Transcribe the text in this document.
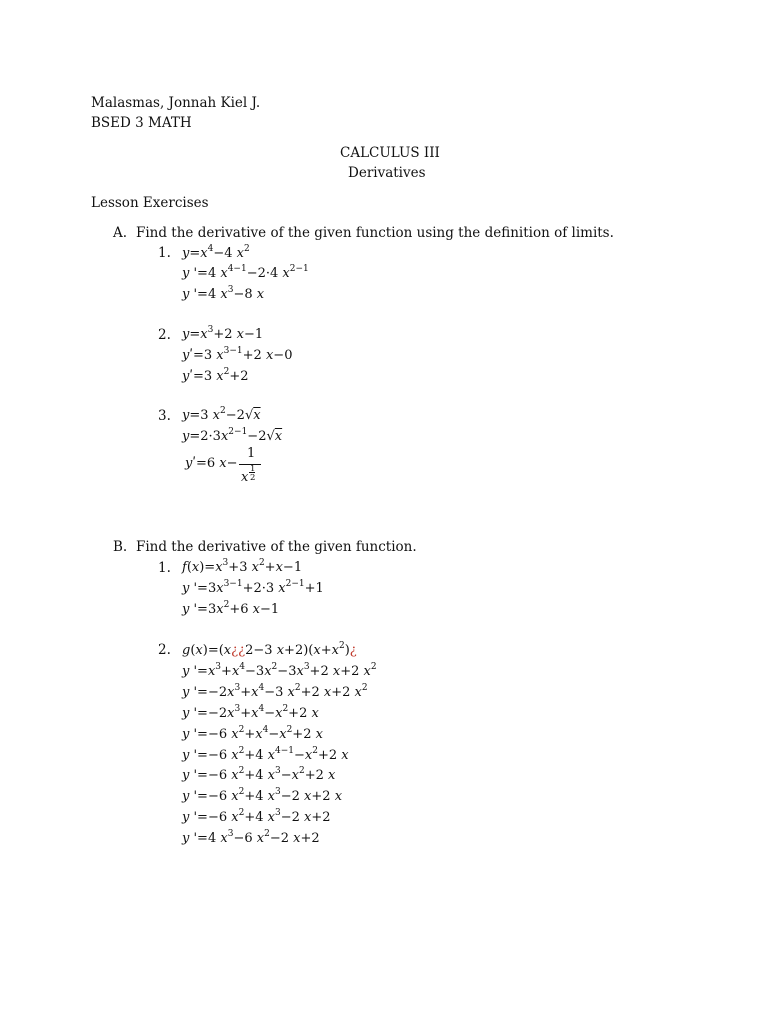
Malasmas, Jonnah Kiel J.
BSED 3 MATH
CALCULUS III
Derivatives
Lesson Exercises
A. Find the derivative of the given function using the definition of limits.
1. $y=x^4-4$ $x^2$
y '=4 $x^{4-1}-2\cdot 4$ $x^{2-1}$
y '=4 $x^3-8$ x
2. $y=x^3+2$ x−1
yʹ=3 $x^{3-1}+2$ x−0
yʹ=3 $x^2+2$
3. y=3 $x^2-2√x$
$y=2\cdot 3x^{2-1}-2√x$
yʹ=6 x−
1
x
1
2
B. Find the derivative of the given function.
1. $f(x)=x^3+3$ $x^2+x-1$
y '$=3x^{3-1}+2\cdot 3$ $x^{2-1}+1$
y '$=3x^2+6$ x−1
2. g(x)=(x¿¿2−3 $x+2)(x+x^2)¿$
y '$=x^3+x^4-3x^2-3x^3+2$ x+2 $x^2$
y '$=-2x^3+x^4-3$ $x^2+2$ x+2 $x^2$
y '$=-2x^3+x^4-x^2+2$ x
y '=−6 $x^2+x^4-x^2+2$ x
y '=−6 $x^2+4$ $x^{4-1}-x^2+2$ x
y '=−6 $x^2+4$ $x^3-x^2+2$ x
y '=−6 $x^2+4$ $x^3-2$ x+2 x
y '=−6 $x^2+4$ $x^3-2$ x+2
y '=4 $x^3-6$ $x^2-2$ x+2
